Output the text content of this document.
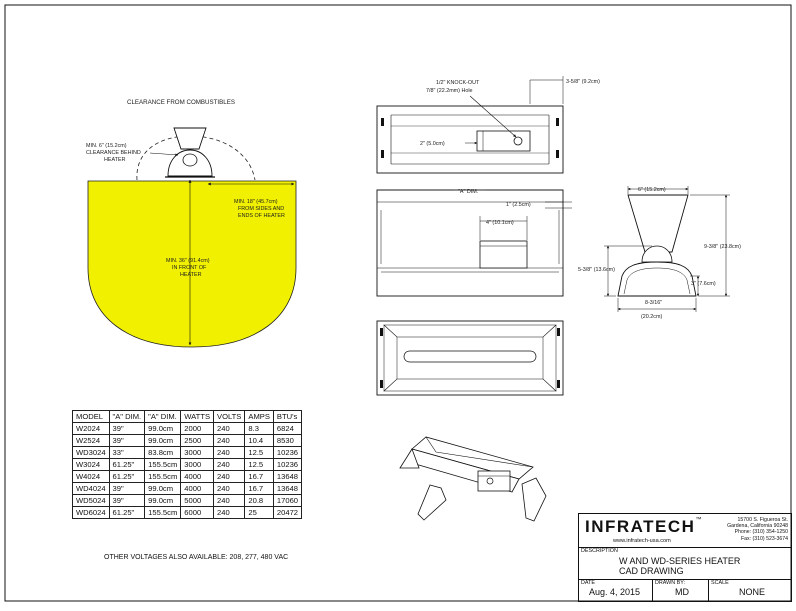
CLEARANCE FROM COMBUSTIBLES
MIN. 6" (15.2cm) CLEARANCE BEHIND HEATER
MIN. 18" (45.7cm) FROM SIDES AND ENDS OF HEATER
MIN. 36" (91.4cm) IN FRONT OF HEATER
1/2" KNOCK-OUT 7/8" (22.2mm) Hole
3-5/8" (9.2cm)
2" (5.0cm)
"A" DIM.
1" (2.5cm)
4" (10.1cm)
6" (15.2cm)
9-3/8" (23.8cm)
5-3/8" (13.6cm)
3" (7.6cm)
8-3/16" (20.2cm)
MODEL	"A" DIM.	"A" DIM.	WATTS	VOLTS	AMPS	BTU's
W2024	39"	99.0cm	2000	240	8.3	6824
W2524	39"	99.0cm	2500	240	10.4	8530
WD3024	33"	83.8cm	3000	240	12.5	10236
W3024	61.25"	155.5cm	3000	240	12.5	10236
W4024	61.25"	155.5cm	4000	240	16.7	13648
WD4024	39"	99.0cm	4000	240	16.7	13648
WD5024	39"	99.0cm	5000	240	20.8	17060
WD6024	61.25"	155.5cm	6000	240	25	20472
OTHER VOLTAGES ALSO AVAILABLE: 208, 277, 480 VAC
INFRATECH™
www.infratech-usa.com
15700 S. Figueroa St.
Gardena, California 90248
Phone: (310) 354-1250
Fax: (310) 523-3674
DESCRIPTION
W AND WD-SERIES HEATER
CAD DRAWING
DATE
Aug. 4, 2015
DRAWN BY:
MD
SCALE
NONE
